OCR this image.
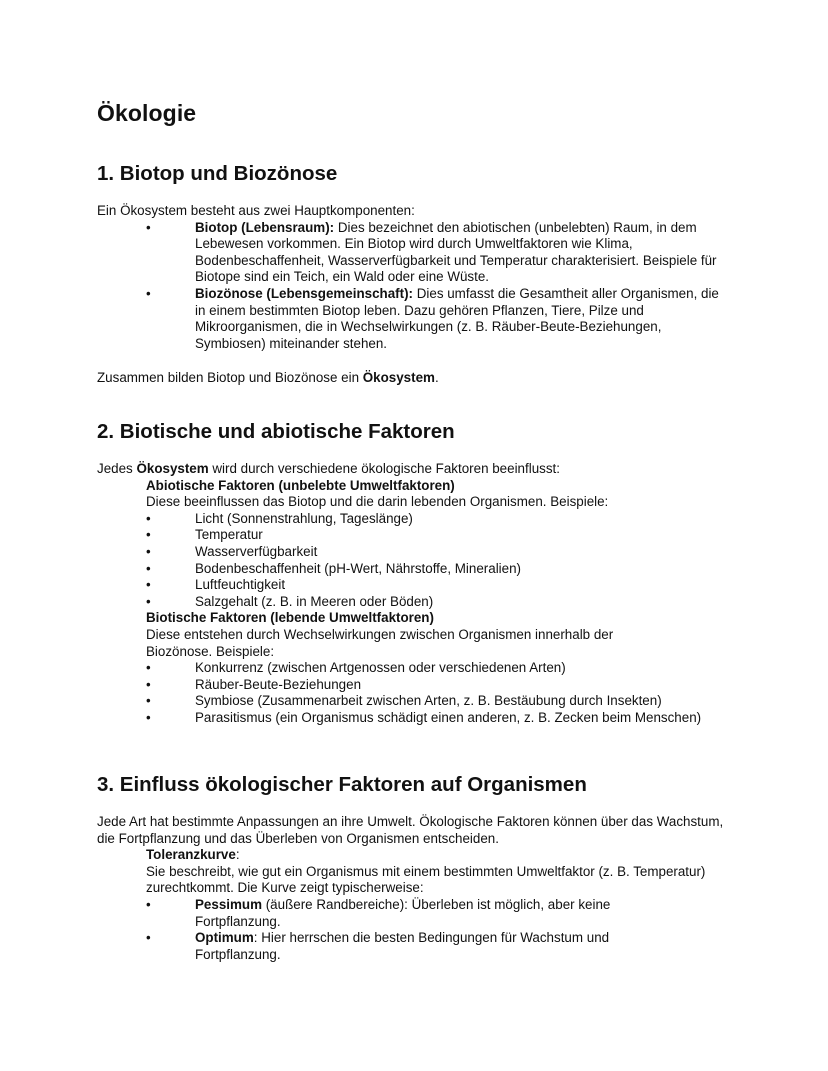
Ökologie
1. Biotop und Biozönose

Ein Ökosystem besteht aus zwei Hauptkomponenten:

• Biotop (Lebensraum): Dies bezeichnet den abiotischen (unbelebten) Raum, in dem Lebewesen vorkommen. Ein Biotop wird durch Umweltfaktoren wie Klima, Bodenbeschaffenheit, Wasserverfügbarkeit und Temperatur charakterisiert. Beispiele für Biotope sind ein Teich, ein Wald oder eine Wüste.
• Biozönose (Lebensgemeinschaft): Dies umfasst die Gesamtheit aller Organismen, die in einem bestimmten Biotop leben. Dazu gehören Pflanzen, Tiere, Pilze und Mikroorganismen, die in Wechselwirkungen (z. B. Räuber-Beute-Beziehungen, Symbiosen) miteinander stehen.

Zusammen bilden Biotop und Biozönose ein Ökosystem.

2. Biotische und abiotische Faktoren

Jedes Ökosystem wird durch verschiedene ökologische Faktoren beeinflusst:

Abiotische Faktoren (unbelebte Umweltfaktoren)

Diese beeinflussen das Biotop und die darin lebenden Organismen. Beispiele:

• Licht (Sonnenstrahlung, Tageslänge)
• Temperatur
• Wasserverfügbarkeit
• Bodenbeschaffenheit (pH-Wert, Nährstoffe, Mineralien)
• Luftfeuchtigkeit
• Salzgehalt (z. B. in Meeren oder Böden)

Biotische Faktoren (lebende Umweltfaktoren)

Diese entstehen durch Wechselwirkungen zwischen Organismen innerhalb der Biozönose. Beispiele:

• Konkurrenz (zwischen Artgenossen oder verschiedenen Arten)
• Räuber-Beute-Beziehungen
• Symbiose (Zusammenarbeit zwischen Arten, z. B. Bestäubung durch Insekten)
• Parasitismus (ein Organismus schädigt einen anderen, z. B. Zecken beim Menschen)
3. Einfluss ökologischer Faktoren auf Organismen

Jede Art hat bestimmte Anpassungen an ihre Umwelt. Ökologische Faktoren können über das Wachstum, die Fortpflanzung und das Überleben von Organismen entscheiden.

Toleranzkurve:

Sie beschreibt, wie gut ein Organismus mit einem bestimmten Umweltfaktor (z. B. Temperatur) zurechtkommt. Die Kurve zeigt typischerweise:

• Pessimum (äußere Randbereiche): Überleben ist möglich, aber keine Fortpflanzung.
• Optimum: Hier herrschen die besten Bedingungen für Wachstum und Fortpflanzung.
